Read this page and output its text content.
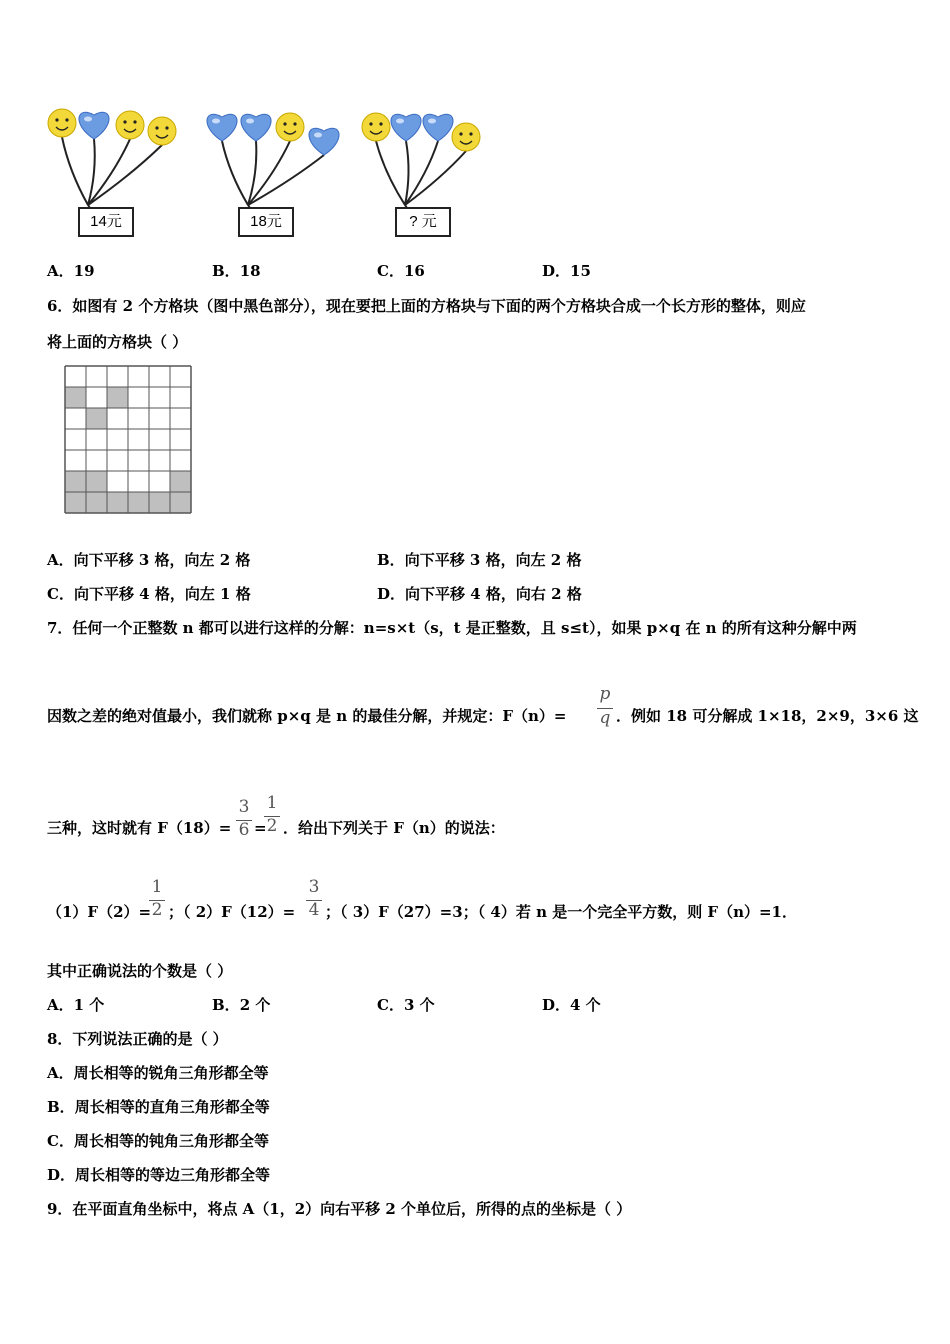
14元	18元	? 元
A．19	B．18	C．16	D．15
6．如图有 2 个方格块（图中黑色部分），现在要把上面的方格块与下面的两个方格块合成一个长方形的整体，则应
将上面的方格块（ ）
A．向下平移 3 格，向左 2 格	B．向下平移 3 格，向左 2 格
C．向下平移 4 格，向左 1 格	D．向下平移 4 格，向右 2 格
7．任何一个正整数 n 都可以进行这样的分解：n=s×t（s，t 是正整数，且 s≤t），如果 p×q 在 n 的所有这种分解中两
因数之差的绝对值最小，我们就称 p×q 是 n 的最佳分解，并规定：F（n）=
p
q ．例如 18 可分解成 1×18，2×9，3×6 这
三种，这时就有 F（18）=
3
6 =
1
2 ．给出下列关于 F（n）的说法：
（1）F（2）=
1
2 ；（ 2）F（12）=
3
4 ；（ 3）F（27）=3；（ 4）若 n 是一个完全平方数，则 F（n）=1．
其中正确说法的个数是（ ）
A．1 个	B．2 个	C．3 个	D．4 个
8．下列说法正确的是（ ）
A．周长相等的锐角三角形都全等
B．周长相等的直角三角形都全等
C．周长相等的钝角三角形都全等
D．周长相等的等边三角形都全等
9．在平面直角坐标中，将点 A（1，2）向右平移 2 个单位后，所得的点的坐标是（ ）
